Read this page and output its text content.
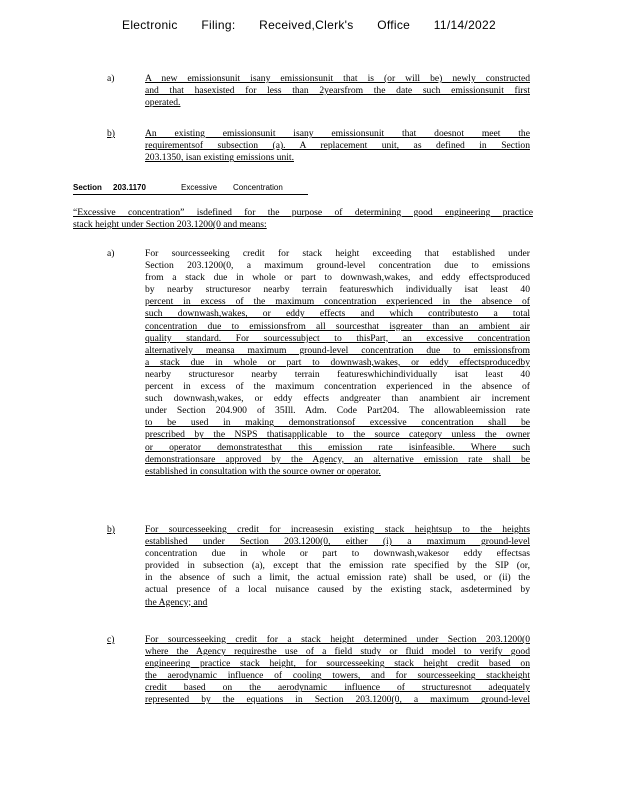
Electronic Filing: Received,Clerk's Office 11/14/2022
a)	A new emissionsunit isany emissionsunit that is (or will be) newly constructed
and that hasexisted for less than 2yearsfrom the date such emissionsunit first
operated.
b)	An existing emissionsunit isany emissionsunit that doesnot meet the
requirementsof subsection (a). A replacement unit, as defined in Section
203.1350, isan existing emissions unit.
Section 203.1170	Excessive Concentration
“Excessive concentration” isdefined for the purpose of determining good engineering practice
stack height under Section 203.1200(0 and means:
a)	For sourcesseeking credit for stack height exceeding that established under
Section 203.1200(0, a maximum ground-level concentration due to emissions
from a stack due in whole or part to downwash,wakes, and eddy effectsproduced
by nearby structuresor nearby terrain featureswhich individually isat least 40
percent in excess of the maximum concentration experienced in the absence of
such downwash,wakes, or eddy effects and which contributesto a total
concentration due to emissionsfrom all sourcesthat isgreater than an ambient air
quality standard. For sourcessubject to thisPart, an excessive concentration
alternatively meansa maximum ground-level concentration due to emissionsfrom
a stack due in whole or part to downwash,wakes, or eddy effectsproducedby
nearby structuresor nearby terrain featureswhichindividually isat least 40
percent in excess of the maximum concentration experienced in the absence of
such downwash,wakes, or eddy effects andgreater than anambient air increment
under Section 204.900 of 35Ill. Adm. Code Part204. The allowableemission rate
to be used in making demonstrationsof excessive concentration shall be
prescribed by the NSPS thatisapplicable to the source category unless the owner
or operator demonstratesthat this emission rate isinfeasible. Where such
demonstrationsare approved by the Agency, an alternative emission rate shall be
established in consultation with the source owner or operator.
b)	For sourcesseeking credit for increasesin existing stack heightsup to the heights
established under Section 203.1200(0, either (i) a maximum ground-level
concentration due in whole or part to downwash,wakesor eddy effectsas
provided in subsection (a), except that the emission rate specified by the SIP (or,
in the absence of such a limit, the actual emission rate) shall be used, or (ii) the
actual presence of a local nuisance caused by the existing stack, asdetermined by
the Agency; and
c)	For sourcesseeking credit for a stack height determined under Section 203.1200(0
where the Agency requiresthe use of a field study or fluid model to verify good
engineering practice stack height, for sourcesseeking stack height credit based on
the aerodynamic influence of cooling towers, and for sourcesseeking stackheight
credit based on the aerodynamic influence of structuresnot adequately
represented by the equations in Section 203.1200(0, a maximum ground-level
